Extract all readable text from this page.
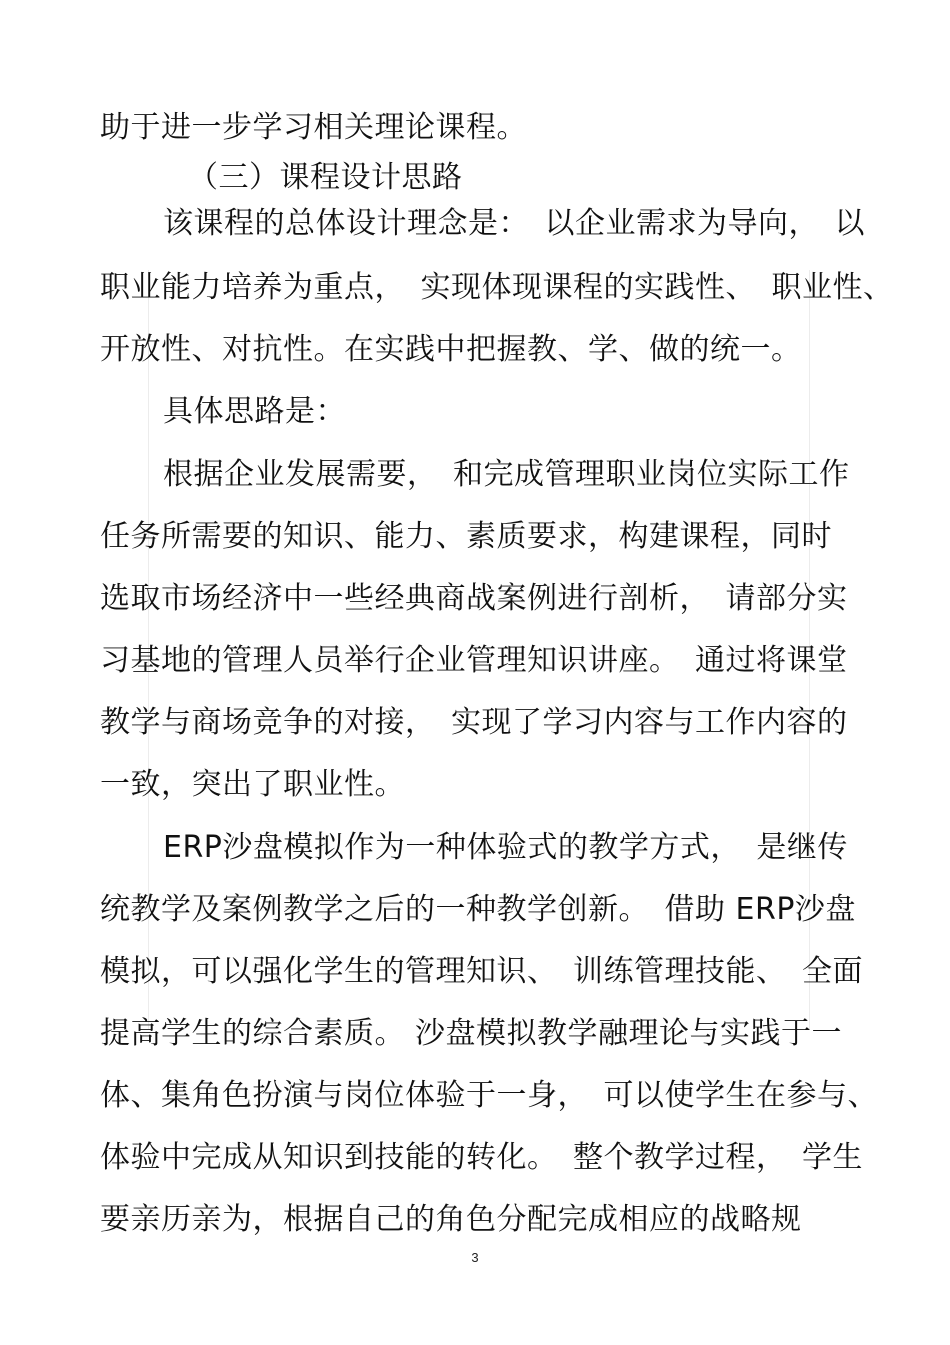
助于进一步学习相关理论课程。
（三）课程设计思路
该课程的总体设计理念是：　以企业需求为导向，　以
职业能力培养为重点，　实现体现课程的实践性、　职业性、
开放性、对抗性。在实践中把握教、学、做的统一。
具体思路是：
根据企业发展需要，　和完成管理职业岗位实际工作
任务所需要的知识、能力、素质要求，构建课程，同时
选取市场经济中一些经典商战案例进行剖析，　请部分实
习基地的管理人员举行企业管理知识讲座。　通过将课堂
教学与商场竞争的对接，　实现了学习内容与工作内容的
一致，突出了职业性。
ERP沙盘模拟作为一种体验式的教学方式，　是继传
统教学及案例教学之后的一种教学创新。　借助 ERP沙盘
模拟，可以强化学生的管理知识、　训练管理技能、　全面
提高学生的综合素质。 沙盘模拟教学融理论与实践于一
体、集角色扮演与岗位体验于一身，　可以使学生在参与、
体验中完成从知识到技能的转化。　整个教学过程，　学生
要亲历亲为，根据自己的角色分配完成相应的战略规
3
